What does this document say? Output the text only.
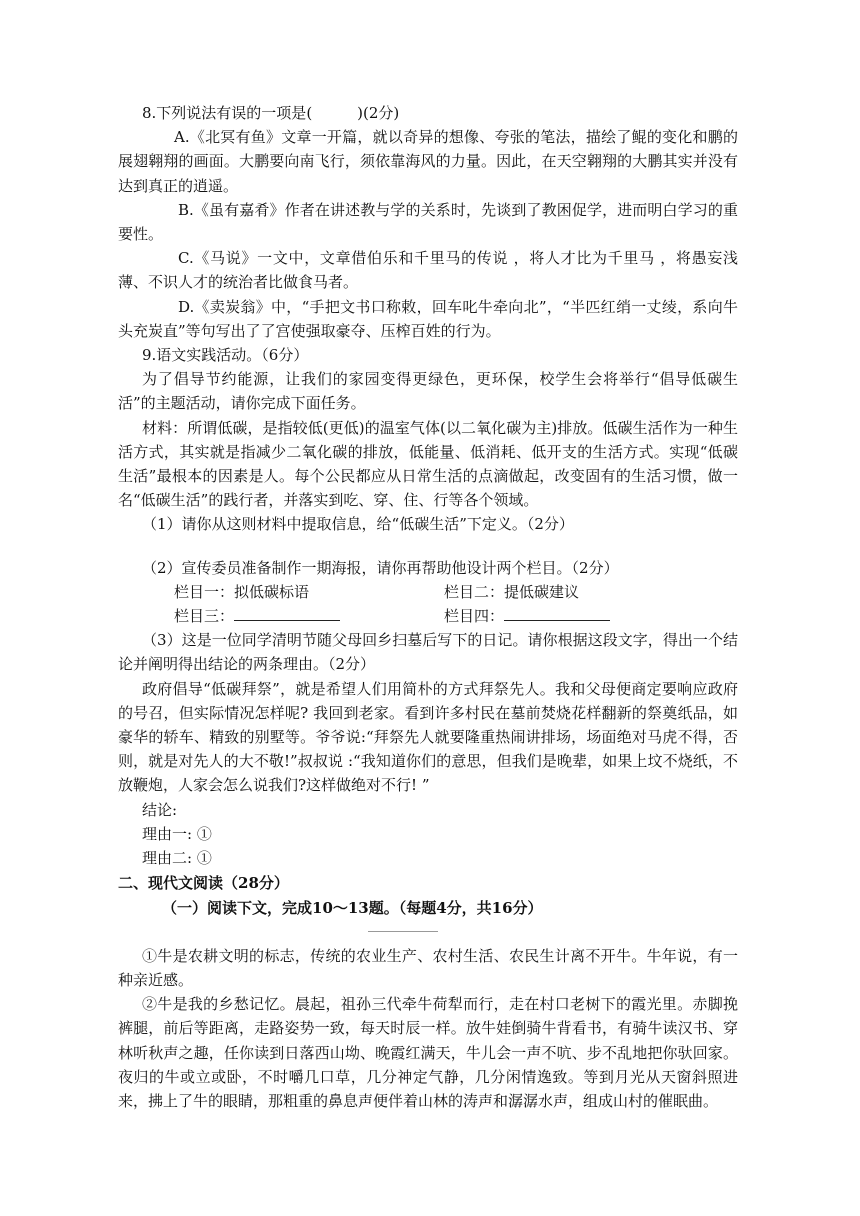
8.下列说法有误的一项是(　　　)(2分)

A.《北冥有鱼》文章一开篇，就以奇异的想像、夸张的笔法，描绘了鲲的变化和鹏的展翅翱翔的画面。大鹏要向南飞行，须依靠海风的力量。因此，在天空翱翔的大鹏其实并没有达到真正的逍遥。

B.《虽有嘉肴》作者在讲述教与学的关系时，先谈到了教困促学，进而明白学习的重要性。

C.《马说》一文中，文章借伯乐和千里马的传说 ，将人才比为千里马 ，将愚妄浅薄、不识人才的统治者比做食马者。

D.《卖炭翁》中，“手把文书口称敕，回车叱牛牵向北”，“半匹红绡一丈绫，系向牛头充炭直”等句写出了了宫使强取豪夺、压榨百姓的行为。

9.语文实践活动。（6分）

为了倡导节约能源，让我们的家园变得更绿色，更环保，校学生会将举行“倡导低碳生活”的主题活动，请你完成下面任务。

材料：所谓低碳，是指较低(更低)的温室气体(以二氧化碳为主)排放。低碳生活作为一种生活方式，其实就是指减少二氧化碳的排放，低能量、低消耗、低开支的生活方式。实现“低碳生活”最根本的因素是人。每个公民都应从日常生活的点滴做起，改变固有的生活习惯，做一名“低碳生活”的践行者，并落实到吃、穿、住、行等各个领域。

（1）请你从这则材料中提取信息，给“低碳生活”下定义。（2分）

（2）宣传委员准备制作一期海报，请你再帮助他设计两个栏目。（2分）

栏目一：拟低碳标语	栏目二：提低碳建议
栏目三：	栏目四：

（3）这是一位同学清明节随父母回乡扫墓后写下的日记。请你根据这段文字，得出一个结论并阐明得出结论的两条理由。（2分）

政府倡导“低碳拜祭”，就是希望人们用简朴的方式拜祭先人。我和父母便商定要响应政府的号召，但实际情况怎样呢? 我回到老家。看到许多村民在墓前焚烧花样翻新的祭奠纸品，如豪华的轿车、精致的别墅等。爷爷说:“拜祭先人就要隆重热闹讲排场，场面绝对马虎不得，否则，就是对先人的大不敬!”叔叔说 :“我知道你们的意思，但我们是晚辈，如果上坟不烧纸，不放鞭炮，人家会怎么说我们?这样做绝对不行! ”

结论:

理由一: ①

理由二: ①

二、现代文阅读（28分）

（一）阅读下文，完成10～13题。（每题4分，共16分）

①牛是农耕文明的标志，传统的农业生产、农村生活、农民生计离不开牛。牛年说，有一种亲近感。

②牛是我的乡愁记忆。晨起，祖孙三代牵牛荷犁而行，走在村口老树下的霞光里。赤脚挽裤腿，前后等距离，走路姿势一致，每天时辰一样。放牛娃倒骑牛背看书，有骑牛读汉书、穿林听秋声之趣，任你读到日落西山坳、晚霞红满天，牛儿会一声不吭、步不乱地把你驮回家。夜归的牛或立或卧，不时嚼几口草，几分神定气静，几分闲情逸致。等到月光从天窗斜照进来，拂上了牛的眼睛，那粗重的鼻息声便伴着山林的涛声和潺潺水声，组成山村的催眠曲。
